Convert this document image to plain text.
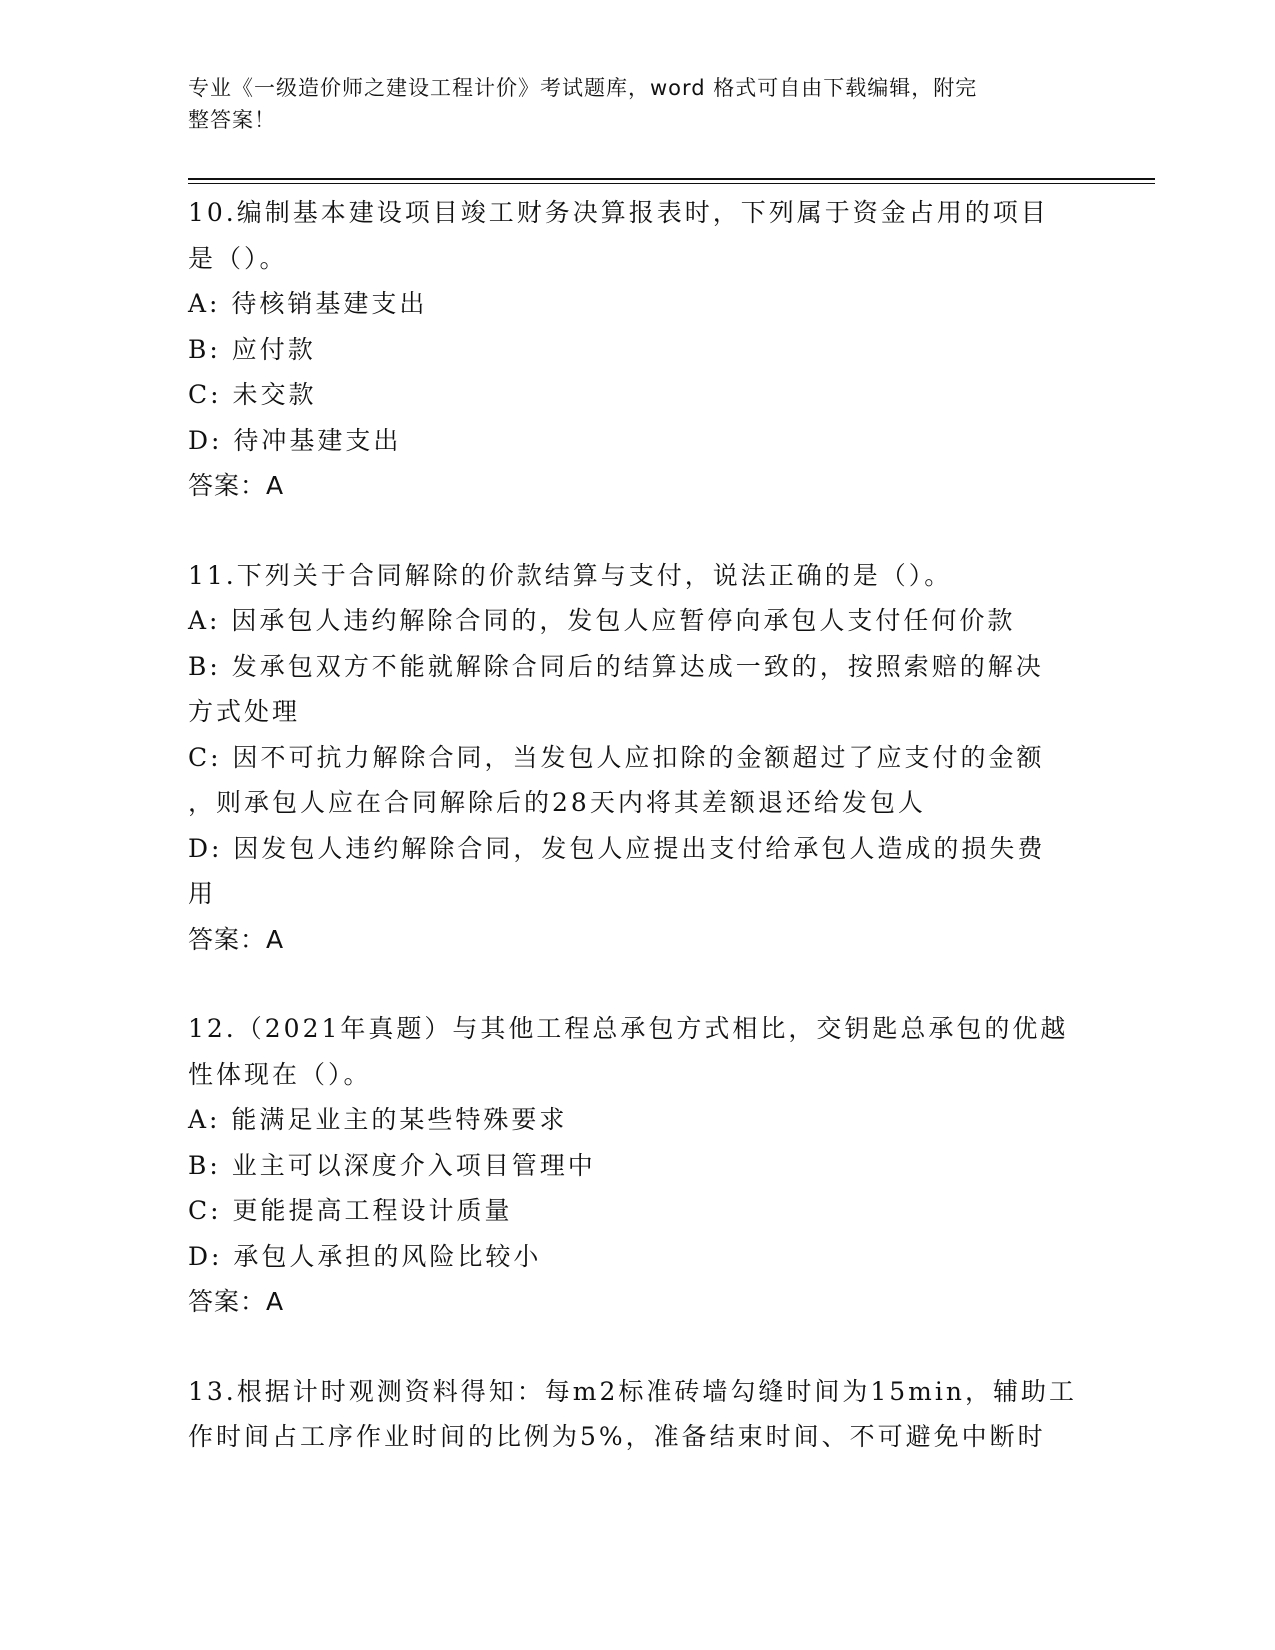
专业《一级造价师之建设工程计价》考试题库，word 格式可自由下载编辑，附完
整答案！
10.编制基本建设项目竣工财务决算报表时，下列属于资金占用的项目
是（）。
A: 待核销基建支出
B: 应付款
C: 未交款
D: 待冲基建支出
答案：A
11.下列关于合同解除的价款结算与支付，说法正确的是（）。
A: 因承包人违约解除合同的，发包人应暂停向承包人支付任何价款
B: 发承包双方不能就解除合同后的结算达成一致的，按照索赔的解决
方式处理
C: 因不可抗力解除合同，当发包人应扣除的金额超过了应支付的金额
，则承包人应在合同解除后的28天内将其差额退还给发包人
D: 因发包人违约解除合同，发包人应提出支付给承包人造成的损失费
用
答案：A
12.（2021年真题）与其他工程总承包方式相比，交钥匙总承包的优越
性体现在（）。
A: 能满足业主的某些特殊要求
B: 业主可以深度介入项目管理中
C: 更能提高工程设计质量
D: 承包人承担的风险比较小
答案：A
13.根据计时观测资料得知：每m2标准砖墙勾缝时间为15min，辅助工
作时间占工序作业时间的比例为5%，准备结束时间、不可避免中断时
